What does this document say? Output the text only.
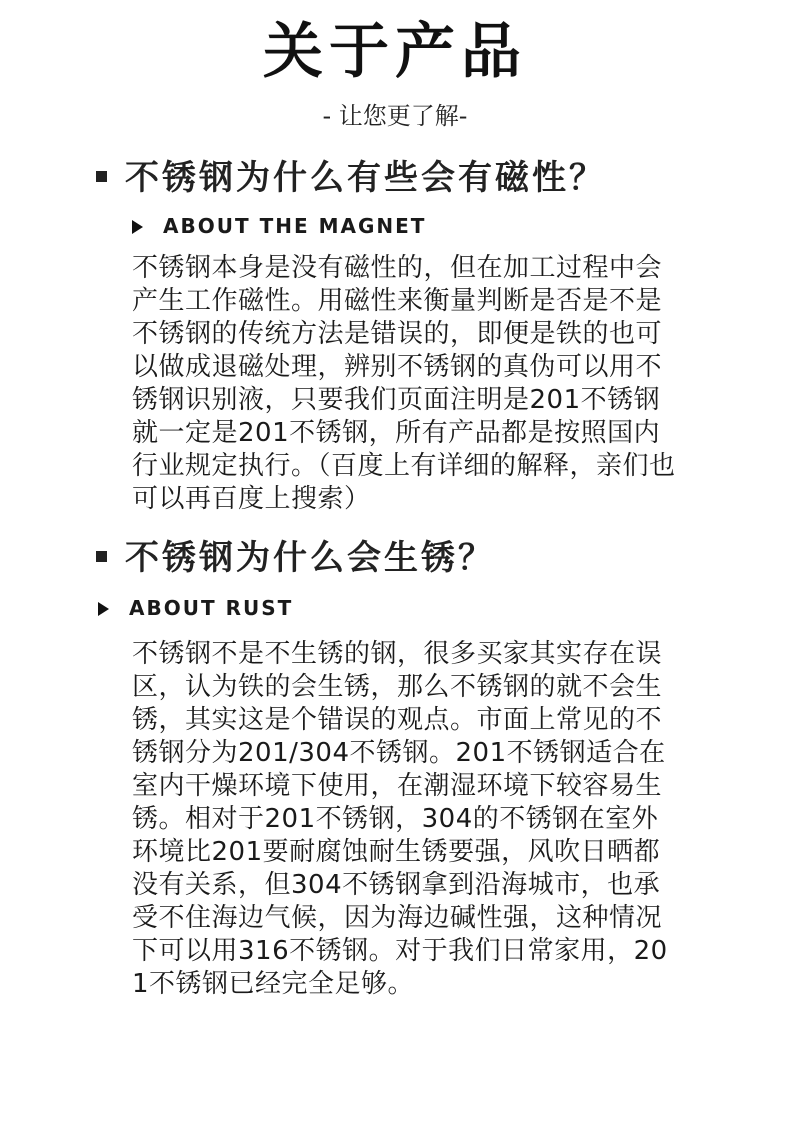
关于产品
- 让您更了解-
不锈钢为什么有些会有磁性？
ABOUT THE MAGNET
不锈钢本身是没有磁性的，但在加工过程中会产生工作磁性。用磁性来衡量判断是否是不是不锈钢的传统方法是错误的，即便是铁的也可以做成退磁处理，辨别不锈钢的真伪可以用不锈钢识别液，只要我们页面注明是201不锈钢就一定是201不锈钢，所有产品都是按照国内行业规定执行。（百度上有详细的解释，亲们也可以再百度上搜索）
不锈钢为什么会生锈？
ABOUT RUST
不锈钢不是不生锈的钢，很多买家其实存在误区，认为铁的会生锈，那么不锈钢的就不会生锈，其实这是个错误的观点。市面上常见的不锈钢分为201/304不锈钢。201不锈钢适合在室内干燥环境下使用，在潮湿环境下较容易生锈。相对于201不锈钢，304的不锈钢在室外环境比201要耐腐蚀耐生锈要强，风吹日晒都没有关系，但304不锈钢拿到沿海城市，也承受不住海边气候，因为海边碱性强，这种情况下可以用316不锈钢。对于我们日常家用，201不锈钢已经完全足够。
